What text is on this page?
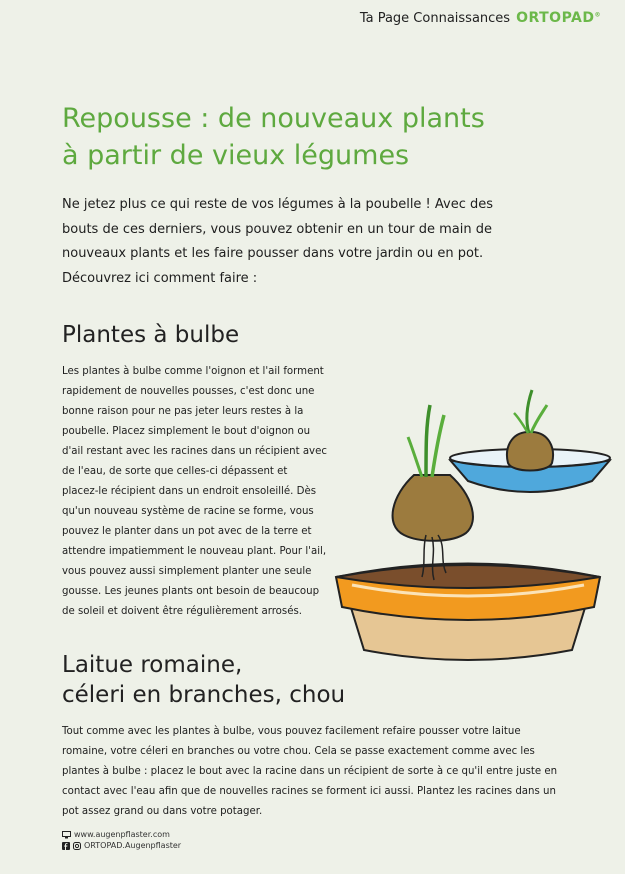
Ta Page Connaissances ORTOPAD®
Repousse : de nouveaux plants
à partir de vieux légumes

Ne jetez plus ce qui reste de vos légumes à la poubelle ! Avec des bouts de ces derniers, vous pouvez obtenir en un tour de main de nouveaux plants et les faire pousser dans votre jardin ou en pot. Découvrez ici comment faire :

Plantes à bulbe

Les plantes à bulbe comme l'oignon et l'ail forment rapidement de nouvelles pousses, c'est donc une bonne raison pour ne pas jeter leurs restes à la poubelle. Placez simplement le bout d'oignon ou d'ail restant avec les racines dans un récipient avec de l'eau, de sorte que celles-ci dépassent et placez-le récipient dans un endroit ensoleillé. Dès qu'un nouveau système de racine se forme, vous pouvez le planter dans un pot avec de la terre et attendre impatiemment le nouveau plant. Pour l'ail, vous pouvez aussi simplement planter une seule gousse. Les jeunes plants ont besoin de beaucoup de soleil et doivent être régulièrement arrosés.

Laitue romaine,
céleri en branches, chou

Tout comme avec les plantes à bulbe, vous pouvez facilement refaire pousser votre laitue romaine, votre céleri en branches ou votre chou. Cela se passe exactement comme avec les plantes à bulbe : placez le bout avec la racine dans un récipient de sorte à ce qu'il entre juste en contact avec l'eau afin que de nouvelles racines se forment ici aussi. Plantez les racines dans un pot assez grand ou dans votre potager.

www.augenpflaster.com
ORTOPAD.Augenpflaster
